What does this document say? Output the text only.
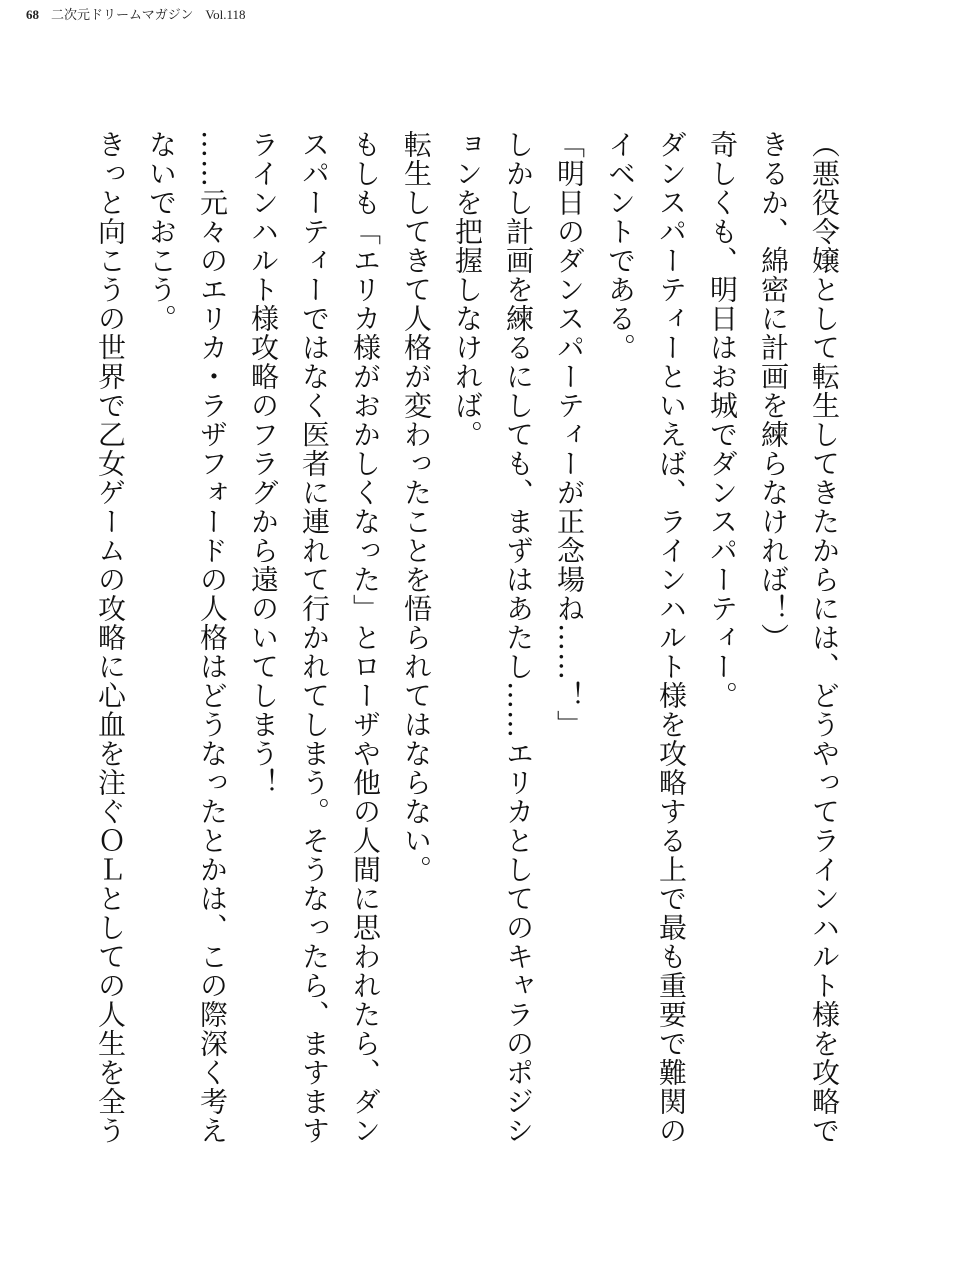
68 二次元ドリームマガジン Vol.118

（悪役令嬢として転生してきたからには、どうやってラインハルト様を攻略できるか、綿密に計画を練らなければ！）

奇しくも、明日はお城でダンスパーティー。

ダンスパーティーといえば、ラインハルト様を攻略する上で最も重要で難関のイベントである。

「明日のダンスパーティーが正念場ね……！」

しかし計画を練るにしても、まずはあたし……エリカとしてのキャラのポジションを把握しなければ。

転生してきて人格が変わったことを悟られてはならない。

もしも「エリカ様がおかしくなった」とローザや他の人間に思われたら、ダンスパーティーではなく医者に連れて行かれてしまう。そうなったら、ますますラインハルト様攻略のフラグから遠のいてしまう！

……元々のエリカ・ラザフォードの人格はどうなったとかは、この際深く考えないでおこう。

きっと向こうの世界で乙女ゲームの攻略に心血を注ぐＯＬとしての人生を全う
